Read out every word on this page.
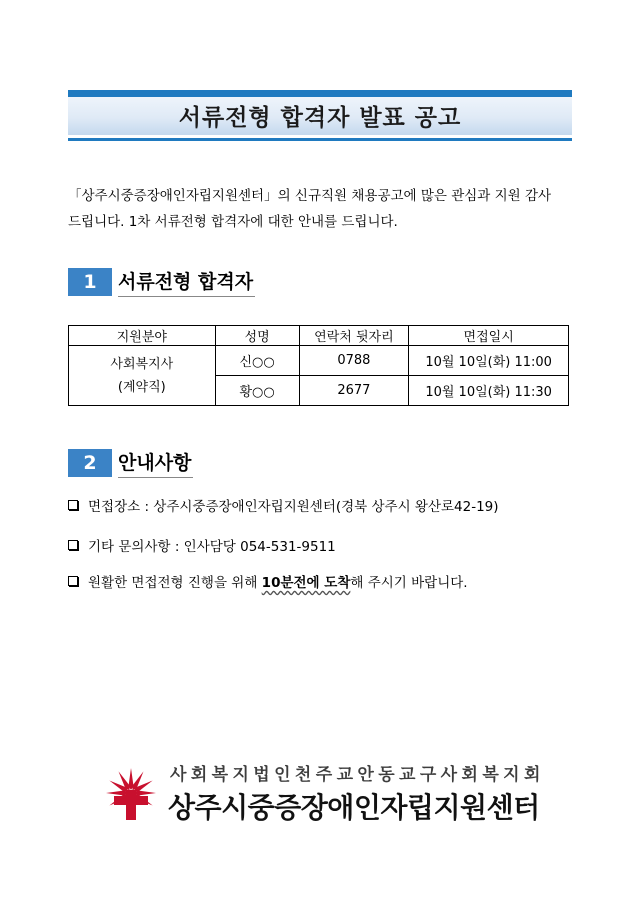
서류전형 합격자 발표 공고
「상주시중증장애인자립지원센터」의 신규직원 채용공고에 많은 관심과 지원 감사
드립니다. 1차 서류전형 합격자에 대한 안내를 드립니다.
1	서류전형 합격자
지원분야	성명	연락처 뒷자리	면접일시

사회복지사
(계약직)	신○○	0788	10월 10일(화) 11:00
	황○○	2677	10월 10일(화) 11:30
2	안내사항
면접장소 : 상주시중증장애인자립지원센터(경북 상주시 왕산로42-19)
기타 문의사항 : 인사담당 054-531-9511
원활한 면접전형 진행을 위해 10분전에 도착해 주시기 바랍니다.
사회복지법인천주교안동교구사회복지회
상주시중증장애인자립지원센터
